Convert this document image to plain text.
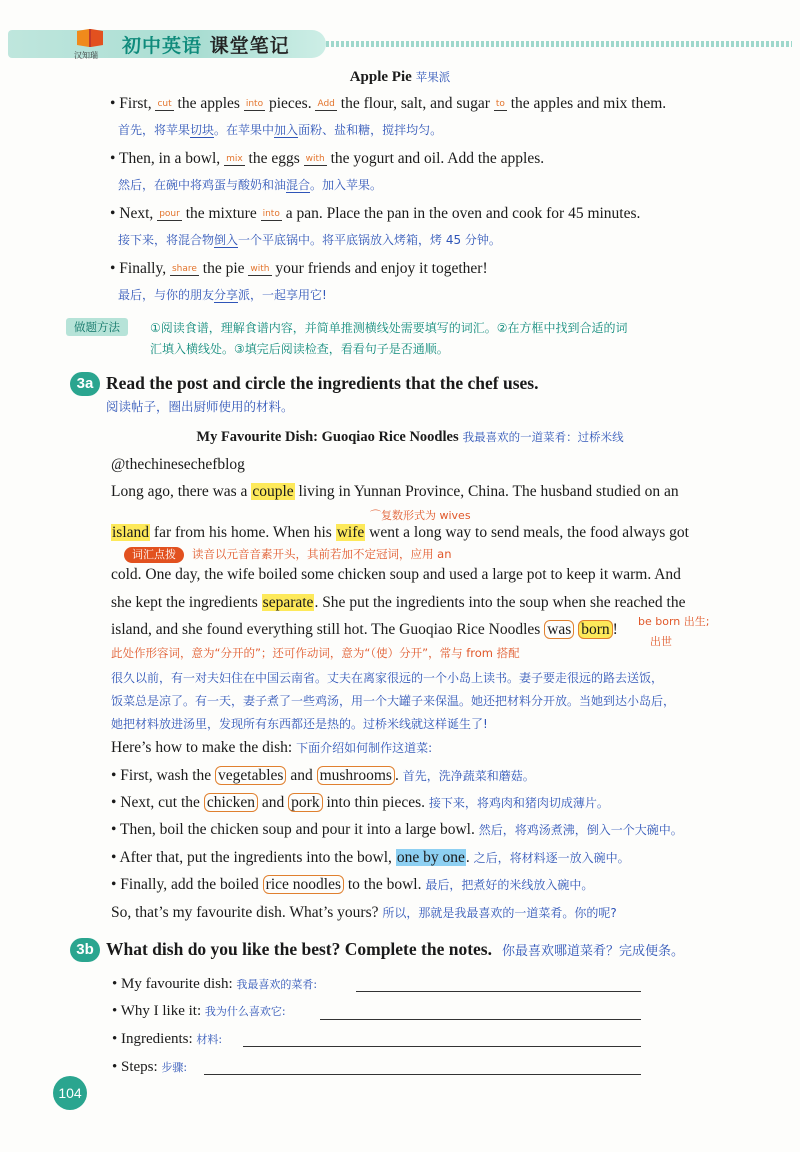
汉知瑞 初中英语 课堂笔记
Apple Pie 苹果派
• First, cut the apples into pieces. Add the flour, salt, and sugar to the apples and mix them.
首先，将苹果切块。在苹果中加入面粉、盐和糖，搅拌均匀。
• Then, in a bowl, mix the eggs with the yogurt and oil. Add the apples.
然后，在碗中将鸡蛋与酸奶和油混合。加入苹果。
• Next, pour the mixture into a pan. Place the pan in the oven and cook for 45 minutes.
接下来，将混合物倒入一个平底锅中。将平底锅放入烤箱，烤 45 分钟。
• Finally, share the pie with your friends and enjoy it together!
最后，与你的朋友分享派，一起享用它!
做题方法	①阅读食谱，理解食谱内容，并简单推测横线处需要填写的词汇。②在方框中找到合适的词
汇填入横线处。③填完后阅读检查，看看句子是否通顺。
3a Read the post and circle the ingredients that the chef uses.
阅读帖子，圈出厨师使用的材料。
My Favourite Dish: Guoqiao Rice Noodles 我最喜欢的一道菜肴：过桥米线
@thechinesechefblog
Long ago, there was a couple living in Yunnan Province, China. The husband studied on an
⌒复数形式为 wives
island far from his home. When his wife went a long way to send meals, the food always got
词汇点拨 读音以元音音素开头，其前若加不定冠词，应用 an
cold. One day, the wife boiled some chicken soup and used a large pot to keep it warm. And
she kept the ingredients separate. She put the ingredients into the soup when she reached the
be born 出生;
出世
island, and she found everything still hot. The Guoqiao Rice Noodles was born !
此处作形容词，意为“分开的”；还可作动词，意为“（使）分开”，常与 from 搭配
很久以前，有一对夫妇住在中国云南省。丈夫在离家很远的一个小岛上读书。妻子要走很远的路去送饭，
饭菜总是凉了。有一天，妻子煮了一些鸡汤，用一个大罐子来保温。她还把材料分开放。当她到达小岛后，
她把材料放进汤里，发现所有东西都还是热的。过桥米线就这样诞生了!
Here’s how to make the dish: 下面介绍如何制作这道菜:
• First, wash the vegetables and mushrooms . 首先，洗净蔬菜和蘑菇。
• Next, cut the chicken and pork into thin pieces. 接下来，将鸡肉和猪肉切成薄片。
• Then, boil the chicken soup and pour it into a large bowl. 然后，将鸡汤煮沸，倒入一个大碗中。
• After that, put the ingredients into the bowl, one by one. 之后，将材料逐一放入碗中。
• Finally, add the boiled rice noodles to the bowl. 最后，把煮好的米线放入碗中。
So, that’s my favourite dish. What’s yours? 所以，那就是我最喜欢的一道菜肴。你的呢?
3b What dish do you like the best? Complete the notes. 你最喜欢哪道菜肴？完成便条。
• My favourite dish: 我最喜欢的菜肴:
• Why I like it: 我为什么喜欢它:
• Ingredients: 材料:
• Steps: 步骤:
104
